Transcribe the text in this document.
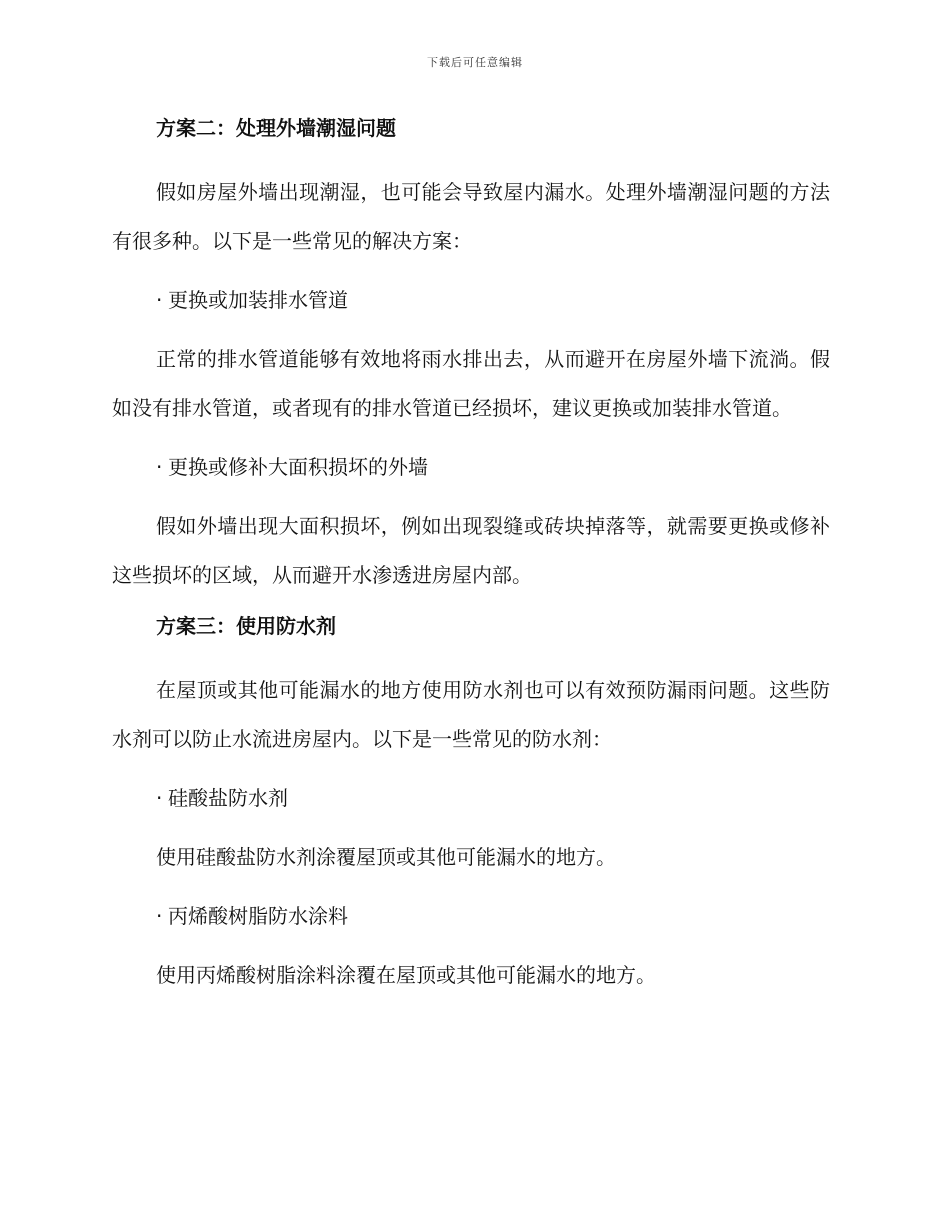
下载后可任意编辑
方案二：处理外墙潮湿问题
假如房屋外墙出现潮湿，也可能会导致屋内漏水。处理外墙潮湿问题的方法有很多种。以下是一些常见的解决方案：
· 更换或加装排水管道
正常的排水管道能够有效地将雨水排出去，从而避开在房屋外墙下流淌。假如没有排水管道，或者现有的排水管道已经损坏，建议更换或加装排水管道。
· 更换或修补大面积损坏的外墙
假如外墙出现大面积损坏，例如出现裂缝或砖块掉落等，就需要更换或修补这些损坏的区域，从而避开水渗透进房屋内部。
方案三：使用防水剂
在屋顶或其他可能漏水的地方使用防水剂也可以有效预防漏雨问题。这些防水剂可以防止水流进房屋内。以下是一些常见的防水剂：
· 硅酸盐防水剂
使用硅酸盐防水剂涂覆屋顶或其他可能漏水的地方。
· 丙烯酸树脂防水涂料
使用丙烯酸树脂涂料涂覆在屋顶或其他可能漏水的地方。
